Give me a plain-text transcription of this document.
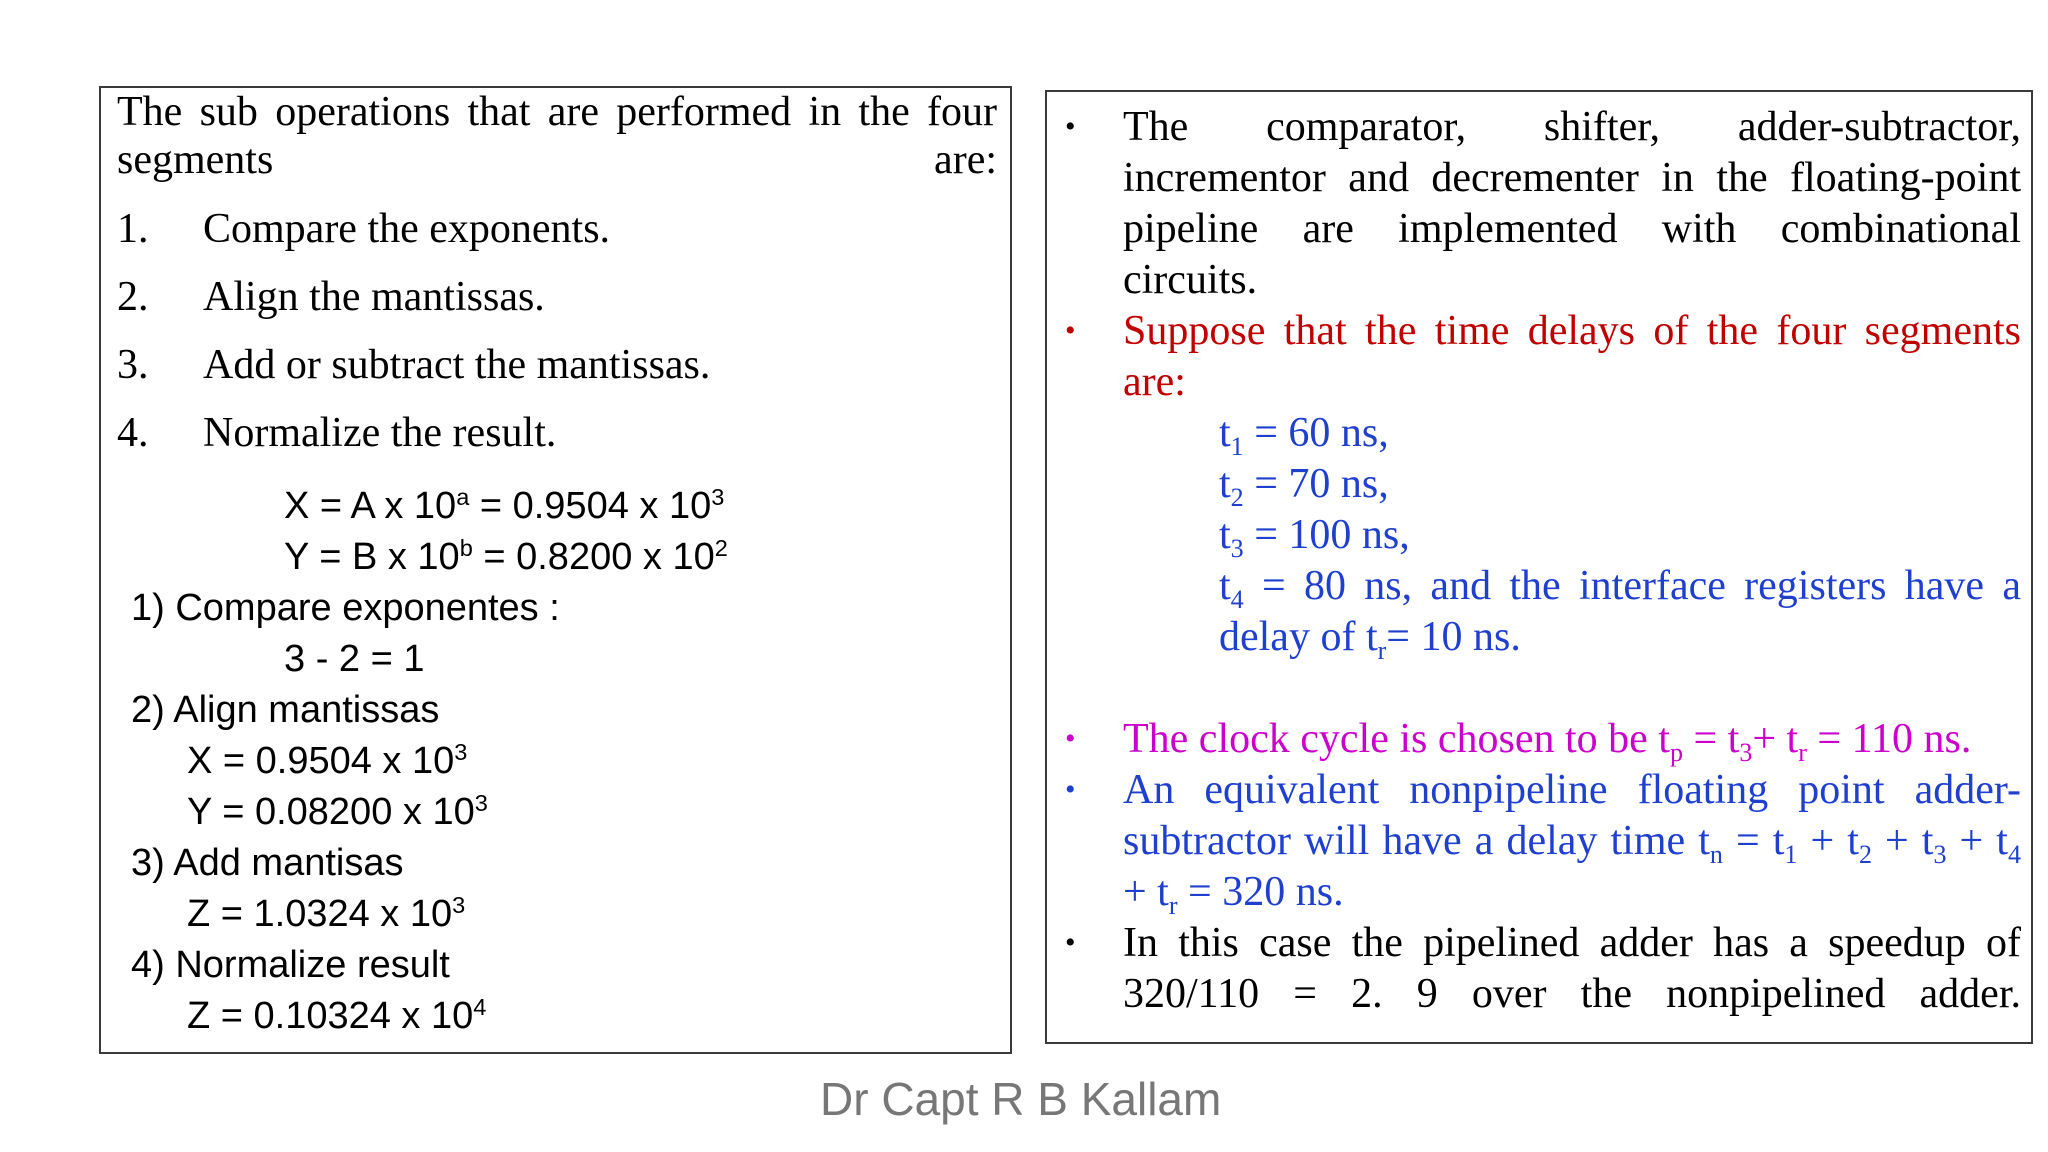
The sub operations that are performed in the four segments are:
1. Compare the exponents.
2. Align the mantissas.
3. Add or subtract the mantissas.
4. Normalize the result.
X = A x $10^a = 0.9504$ x $10^3$
Y = B x $10^b = 0.8200$ x $10^2$
1) Compare exponentes :
3 - 2 = 1
2) Align mantissas
X = 0.9504 x $10^3$
Y = 0.08200 x $10^3$
3) Add mantisas
Z = 1.0324 x $10^3$
4) Normalize result
Z = 0.10324 x $10^4$
• The comparator, shifter, adder-subtractor, incrementor and decrementer in the floating-point pipeline are implemented with combinational circuits.
• Suppose that the time delays of the four segments are:
$t_1 = 60$ ns,
$t_2 = 70$ ns,
$t_3 = 100$ ns,
$t_4 = 80$ ns, and the interface registers have a
delay of $t_r= 10$ ns.
• The clock cycle is chosen to be $t_p = t_3+ t_r = 110$ ns.
• An equivalent nonpipeline floating point adder-
subtractor will have a delay time $t_n = t_1 + t_2 + t_3 + t_4$
+ $t_r = 320$ ns.
• In this case the pipelined adder has a speedup of 320/110 = 2. 9 over the nonpipelined adder.
Dr Capt R B Kallam
